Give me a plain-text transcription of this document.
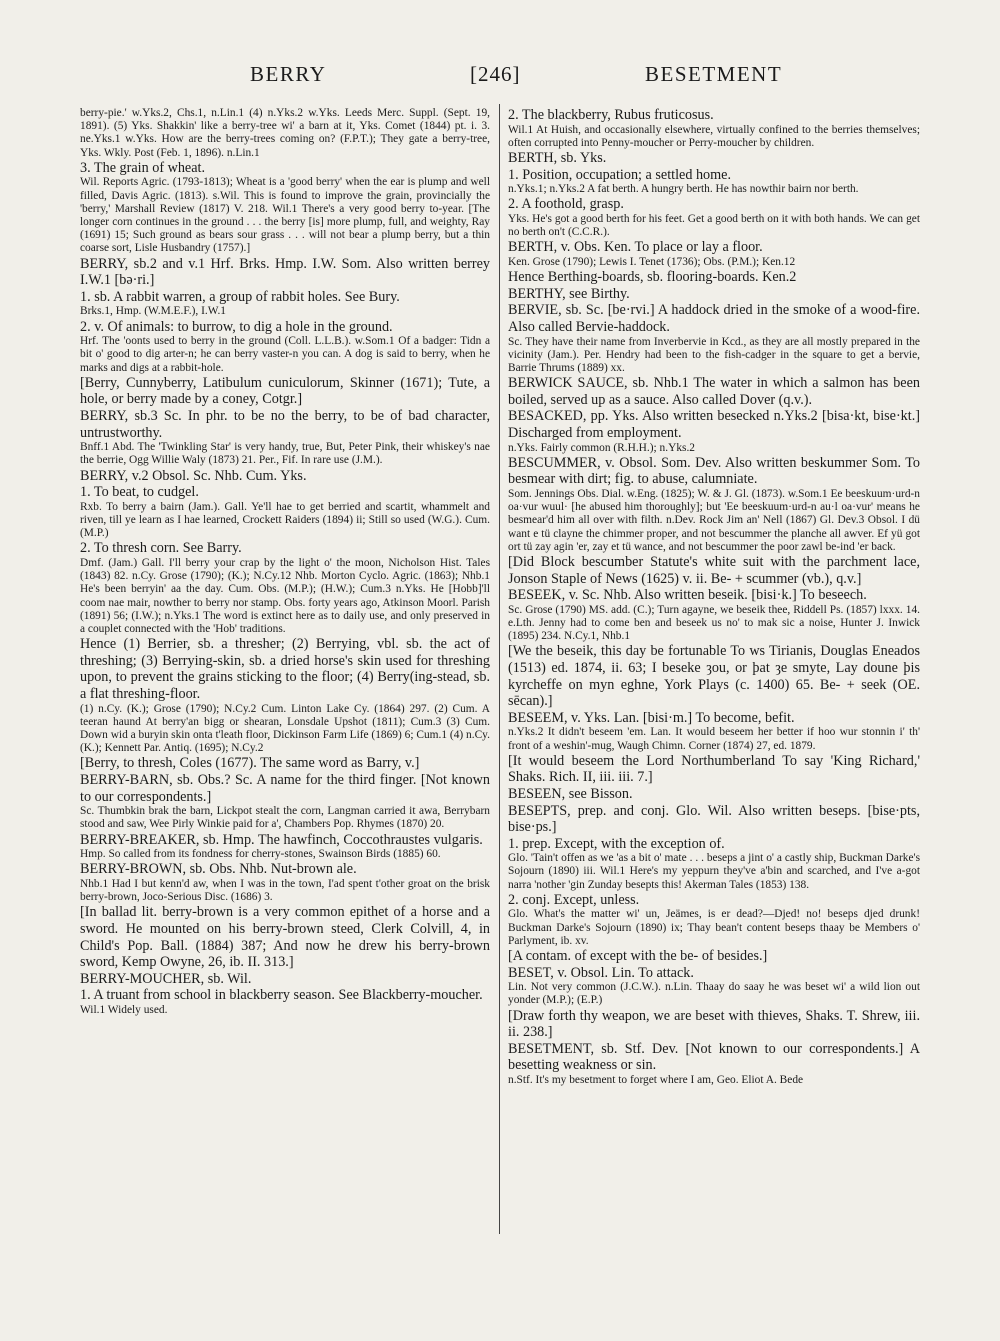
BERRY	[246]	BESETMENT

berry-pie.' w.Yks.2, Chs.1, n.Lin.1 (4) n.Yks.2 w.Yks. Leeds Merc. Suppl. (Sept. 19, 1891). (5) Yks. Shakkin' like a berry-tree wi' a barn at it, Yks. Comet (1844) pt. i. 3. ne.Yks.1 w.Yks. How are the berry-trees coming on? (F.P.T.); They gate a berry-tree, Yks. Wkly. Post (Feb. 1, 1896). n.Lin.1

3. The grain of wheat.

Wil. Reports Agric. (1793-1813); Wheat is a 'good berry' when the ear is plump and well filled, Davis Agric. (1813). s.Wil. This is found to improve the grain, provincially the 'berry,' Marshall Review (1817) V. 218. Wil.1 There's a very good berry to-year. [The longer corn continues in the ground . . . the berry [is] more plump, full, and weighty, Ray (1691) 15; Such ground as bears sour grass . . . will not bear a plump berry, but a thin coarse sort, Lisle Husbandry (1757).]

BERRY, sb.2 and v.1 Hrf. Brks. Hmp. I.W. Som. Also written berrey I.W.1 [bǝ·ri.]

1. sb. A rabbit warren, a group of rabbit holes. See Bury.

Brks.1, Hmp. (W.M.E.F.), I.W.1

2. v. Of animals: to burrow, to dig a hole in the ground.

Hrf. The 'oonts used to berry in the ground (Coll. L.L.B.). w.Som.1 Of a badger: Tidn a bit o' good to dig arter-n; he can berry vaster-n you can. A dog is said to berry, when he marks and digs at a rabbit-hole.

[Berry, Cunnyberry, Latibulum cuniculorum, Skinner (1671); Tute, a hole, or berry made by a coney, Cotgr.]

BERRY, sb.3 Sc. In phr. to be no the berry, to be of bad character, untrustworthy.

Bnff.1 Abd. The 'Twinkling Star' is very handy, true, But, Peter Pink, their whiskey's nae the berrie, Ogg Willie Waly (1873) 21. Per., Fif. In rare use (J.M.).

BERRY, v.2 Obsol. Sc. Nhb. Cum. Yks.

1. To beat, to cudgel.

Rxb. To berry a bairn (Jam.). Gall. Ye'll hae to get berried and scartit, whammelt and riven, till ye learn as I hae learned, Crockett Raiders (1894) ii; Still so used (W.G.). Cum. (M.P.)

2. To thresh corn. See Barry.

Dmf. (Jam.) Gall. I'll berry your crap by the light o' the moon, Nicholson Hist. Tales (1843) 82. n.Cy. Grose (1790); (K.); N.Cy.12 Nhb. Morton Cyclo. Agric. (1863); Nhb.1 He's been berryin' aa the day. Cum. Obs. (M.P.); (H.W.); Cum.3 n.Yks. He [Hobb]'ll coom nae mair, nowther to berry nor stamp. Obs. forty years ago, Atkinson Moorl. Parish (1891) 56; (I.W.); n.Yks.1 The word is extinct here as to daily use, and only preserved in a couplet connected with the 'Hob' traditions.

Hence (1) Berrier, sb. a thresher; (2) Berrying, vbl. sb. the act of threshing; (3) Berrying-skin, sb. a dried horse's skin used for threshing upon, to prevent the grains sticking to the floor; (4) Berry(ing-stead, sb. a flat threshing-floor.

(1) n.Cy. (K.); Grose (1790); N.Cy.2 Cum. Linton Lake Cy. (1864) 297. (2) Cum. A teeran haund At berry'an bigg or shearan, Lonsdale Upshot (1811); Cum.3 (3) Cum. Down wid a buryin skin onta t'leath floor, Dickinson Farm Life (1869) 6; Cum.1 (4) n.Cy. (K.); Kennett Par. Antiq. (1695); N.Cy.2

[Berry, to thresh, Coles (1677). The same word as Barry, v.]

BERRY-BARN, sb. Obs.? Sc. A name for the third finger. [Not known to our correspondents.]

Sc. Thumbkin brak the barn, Lickpot stealt the corn, Langman carried it awa, Berrybarn stood and saw, Wee Pirly Winkie paid for a', Chambers Pop. Rhymes (1870) 20.

BERRY-BREAKER, sb. Hmp. The hawfinch, Coccothraustes vulgaris.

Hmp. So called from its fondness for cherry-stones, Swainson Birds (1885) 60.

BERRY-BROWN, sb. Obs. Nhb. Nut-brown ale.

Nhb.1 Had I but kenn'd aw, when I was in the town, I'ad spent t'other groat on the brisk berry-brown, Joco-Serious Disc. (1686) 3.

[In ballad lit. berry-brown is a very common epithet of a horse and a sword. He mounted on his berry-brown steed, Clerk Colvill, 4, in Child's Pop. Ball. (1884) 387; And now he drew his berry-brown sword, Kemp Owyne, 26, ib. II. 313.]

BERRY-MOUCHER, sb. Wil.

1. A truant from school in blackberry season. See Blackberry-moucher.

Wil.1 Widely used.

2. The blackberry, Rubus fruticosus.

Wil.1 At Huish, and occasionally elsewhere, virtually confined to the berries themselves; often corrupted into Penny-moucher or Perry-moucher by children.

BERTH, sb. Yks.

1. Position, occupation; a settled home.

n.Yks.1; n.Yks.2 A fat berth. A hungry berth. He has nowthir bairn nor berth.

2. A foothold, grasp.

Yks. He's got a good berth for his feet. Get a good berth on it with both hands. We can get no berth on't (C.C.R.).

BERTH, v. Obs. Ken. To place or lay a floor.

Ken. Grose (1790); Lewis I. Tenet (1736); Obs. (P.M.); Ken.12

Hence Berthing-boards, sb. flooring-boards. Ken.2

BERTHY, see Birthy.

BERVIE, sb. Sc. [be·rvi.] A haddock dried in the smoke of a wood-fire. Also called Bervie-haddock.

Sc. They have their name from Inverbervie in Kcd., as they are all mostly prepared in the vicinity (Jam.). Per. Hendry had been to the fish-cadger in the square to get a bervie, Barrie Thrums (1889) xx.

BERWICK SAUCE, sb. Nhb.1 The water in which a salmon has been boiled, served up as a sauce. Also called Dover (q.v.).

BESACKED, pp. Yks. Also written besecked n.Yks.2 [bisa·kt, bise·kt.] Discharged from employment.

n.Yks. Fairly common (R.H.H.); n.Yks.2

BESCUMMER, v. Obsol. Som. Dev. Also written beskummer Som. To besmear with dirt; fig. to abuse, calumniate.

Som. Jennings Obs. Dial. w.Eng. (1825); W. & J. Gl. (1873). w.Som.1 Ee beeskuum·urd-n oa·vur wuul· [he abused him thoroughly]; but 'Ee beeskuum·urd-n au·l oa·vur' means he besmear'd him all over with filth. n.Dev. Rock Jim an' Nell (1867) Gl. Dev.3 Obsol. I dü want e tü clayne the chimmer proper, and not bescummer the planche all awver. Ef yü got ort tü zay agin 'er, zay et tü wance, and not bescummer the poor zawl be-ind 'er back.

[Did Block bescumber Statute's white suit with the parchment lace, Jonson Staple of News (1625) v. ii. Be- + scummer (vb.), q.v.]

BESEEK, v. Sc. Nhb. Also written beseik. [bisi·k.] To beseech.

Sc. Grose (1790) MS. add. (C.); Turn agayne, we beseik thee, Riddell Ps. (1857) lxxx. 14. e.Lth. Jenny had to come ben and beseek us no' to mak sic a noise, Hunter J. Inwick (1895) 234. N.Cy.1, Nhb.1

[We the beseik, this day be fortunable To ws Tirianis, Douglas Eneados (1513) ed. 1874, ii. 63; I beseke ȝou, or þat ȝe smyte, Lay doune þis kyrcheffe on myn eghne, York Plays (c. 1400) 65. Be- + seek (OE. sēcan).]

BESEEM, v. Yks. Lan. [bisi·m.] To become, befit.

n.Yks.2 It didn't beseem 'em. Lan. It would beseem her better if hoo wur stonnin i' th' front of a weshin'-mug, Waugh Chimn. Corner (1874) 27, ed. 1879.

[It would beseem the Lord Northumberland To say 'King Richard,' Shaks. Rich. II, iii. iii. 7.]

BESEEN, see Bisson.

BESEPTS, prep. and conj. Glo. Wil. Also written beseps. [bise·pts, bise·ps.]

1. prep. Except, with the exception of.

Glo. 'Tain't offen as we 'as a bit o' mate . . . beseps a jint o' a castly ship, Buckman Darke's Sojourn (1890) iii. Wil.1 Here's my yeppurn they've a'bin and scarched, and I've a-got narra 'nother 'gin Zunday besepts this! Akerman Tales (1853) 138.

2. conj. Except, unless.

Glo. What's the matter wi' un, Jeämes, is er dead?—Djed! no! beseps djed drunk! Buckman Darke's Sojourn (1890) ix; Thay bean't content beseps thaay be Members o' Parlyment, ib. xv.

[A contam. of except with the be- of besides.]

BESET, v. Obsol. Lin. To attack.

Lin. Not very common (J.C.W.). n.Lin. Thaay do saay he was beset wi' a wild lion out yonder (M.P.); (E.P.)

[Draw forth thy weapon, we are beset with thieves, Shaks. T. Shrew, iii. ii. 238.]

BESETMENT, sb. Stf. Dev. [Not known to our correspondents.] A besetting weakness or sin.

n.Stf. It's my besetment to forget where I am, Geo. Eliot A. Bede
